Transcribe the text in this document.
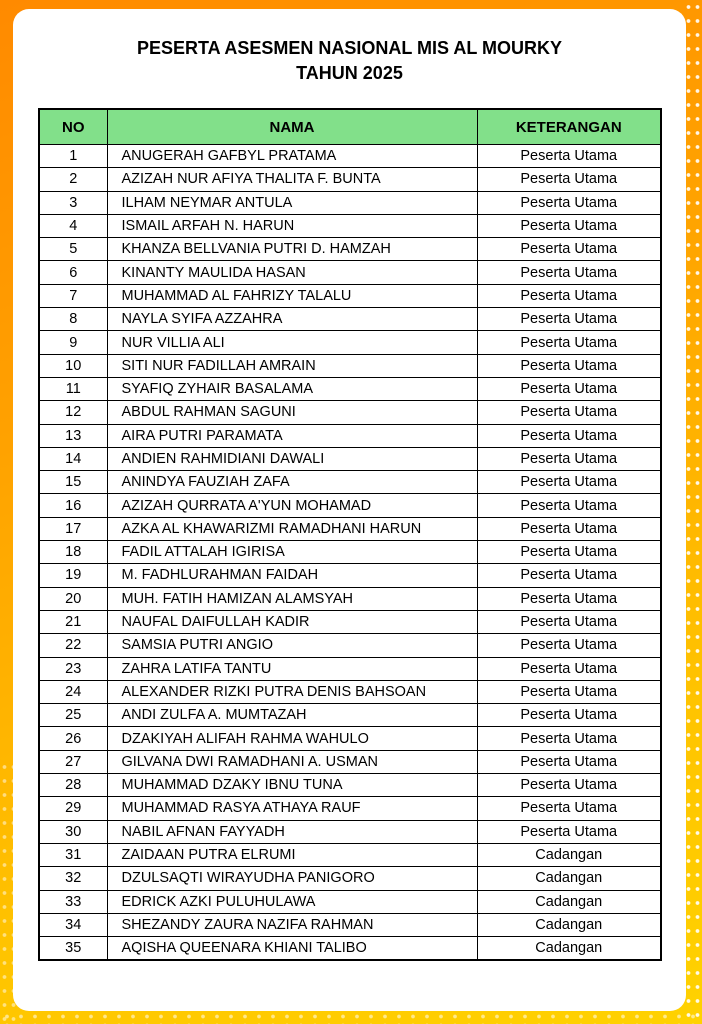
PESERTA ASESMEN NASIONAL MIS AL MOURKY
TAHUN 2025
NO	NAMA	KETERANGAN
1	ANUGERAH GAFBYL PRATAMA	Peserta Utama
2	AZIZAH NUR AFIYA THALITA F. BUNTA	Peserta Utama
3	ILHAM NEYMAR ANTULA	Peserta Utama
4	ISMAIL ARFAH N. HARUN	Peserta Utama
5	KHANZA BELLVANIA PUTRI D. HAMZAH	Peserta Utama
6	KINANTY MAULIDA HASAN	Peserta Utama
7	MUHAMMAD AL FAHRIZY TALALU	Peserta Utama
8	NAYLA SYIFA AZZAHRA	Peserta Utama
9	NUR VILLIA ALI	Peserta Utama
10	SITI NUR FADILLAH AMRAIN	Peserta Utama
11	SYAFIQ ZYHAIR BASALAMA	Peserta Utama
12	ABDUL RAHMAN SAGUNI	Peserta Utama
13	AIRA PUTRI PARAMATA	Peserta Utama
14	ANDIEN RAHMIDIANI DAWALI	Peserta Utama
15	ANINDYA FAUZIAH ZAFA	Peserta Utama
16	AZIZAH QURRATA A'YUN MOHAMAD	Peserta Utama
17	AZKA AL KHAWARIZMI RAMADHANI HARUN	Peserta Utama
18	FADIL ATTALAH IGIRISA	Peserta Utama
19	M. FADHLURAHMAN FAIDAH	Peserta Utama
20	MUH. FATIH HAMIZAN ALAMSYAH	Peserta Utama
21	NAUFAL DAIFULLAH KADIR	Peserta Utama
22	SAMSIA PUTRI ANGIO	Peserta Utama
23	ZAHRA LATIFA TANTU	Peserta Utama
24	ALEXANDER RIZKI PUTRA DENIS BAHSOAN	Peserta Utama
25	ANDI ZULFA A. MUMTAZAH	Peserta Utama
26	DZAKIYAH ALIFAH RAHMA WAHULO	Peserta Utama
27	GILVANA DWI RAMADHANI A. USMAN	Peserta Utama
28	MUHAMMAD DZAKY IBNU TUNA	Peserta Utama
29	MUHAMMAD RASYA ATHAYA RAUF	Peserta Utama
30	NABIL AFNAN FAYYADH	Peserta Utama
31	ZAIDAAN PUTRA ELRUMI	Cadangan
32	DZULSAQTI WIRAYUDHA PANIGORO	Cadangan
33	EDRICK AZKI PULUHULAWA	Cadangan
34	SHEZANDY ZAURA NAZIFA RAHMAN	Cadangan
35	AQISHA QUEENARA KHIANI TALIBO	Cadangan
